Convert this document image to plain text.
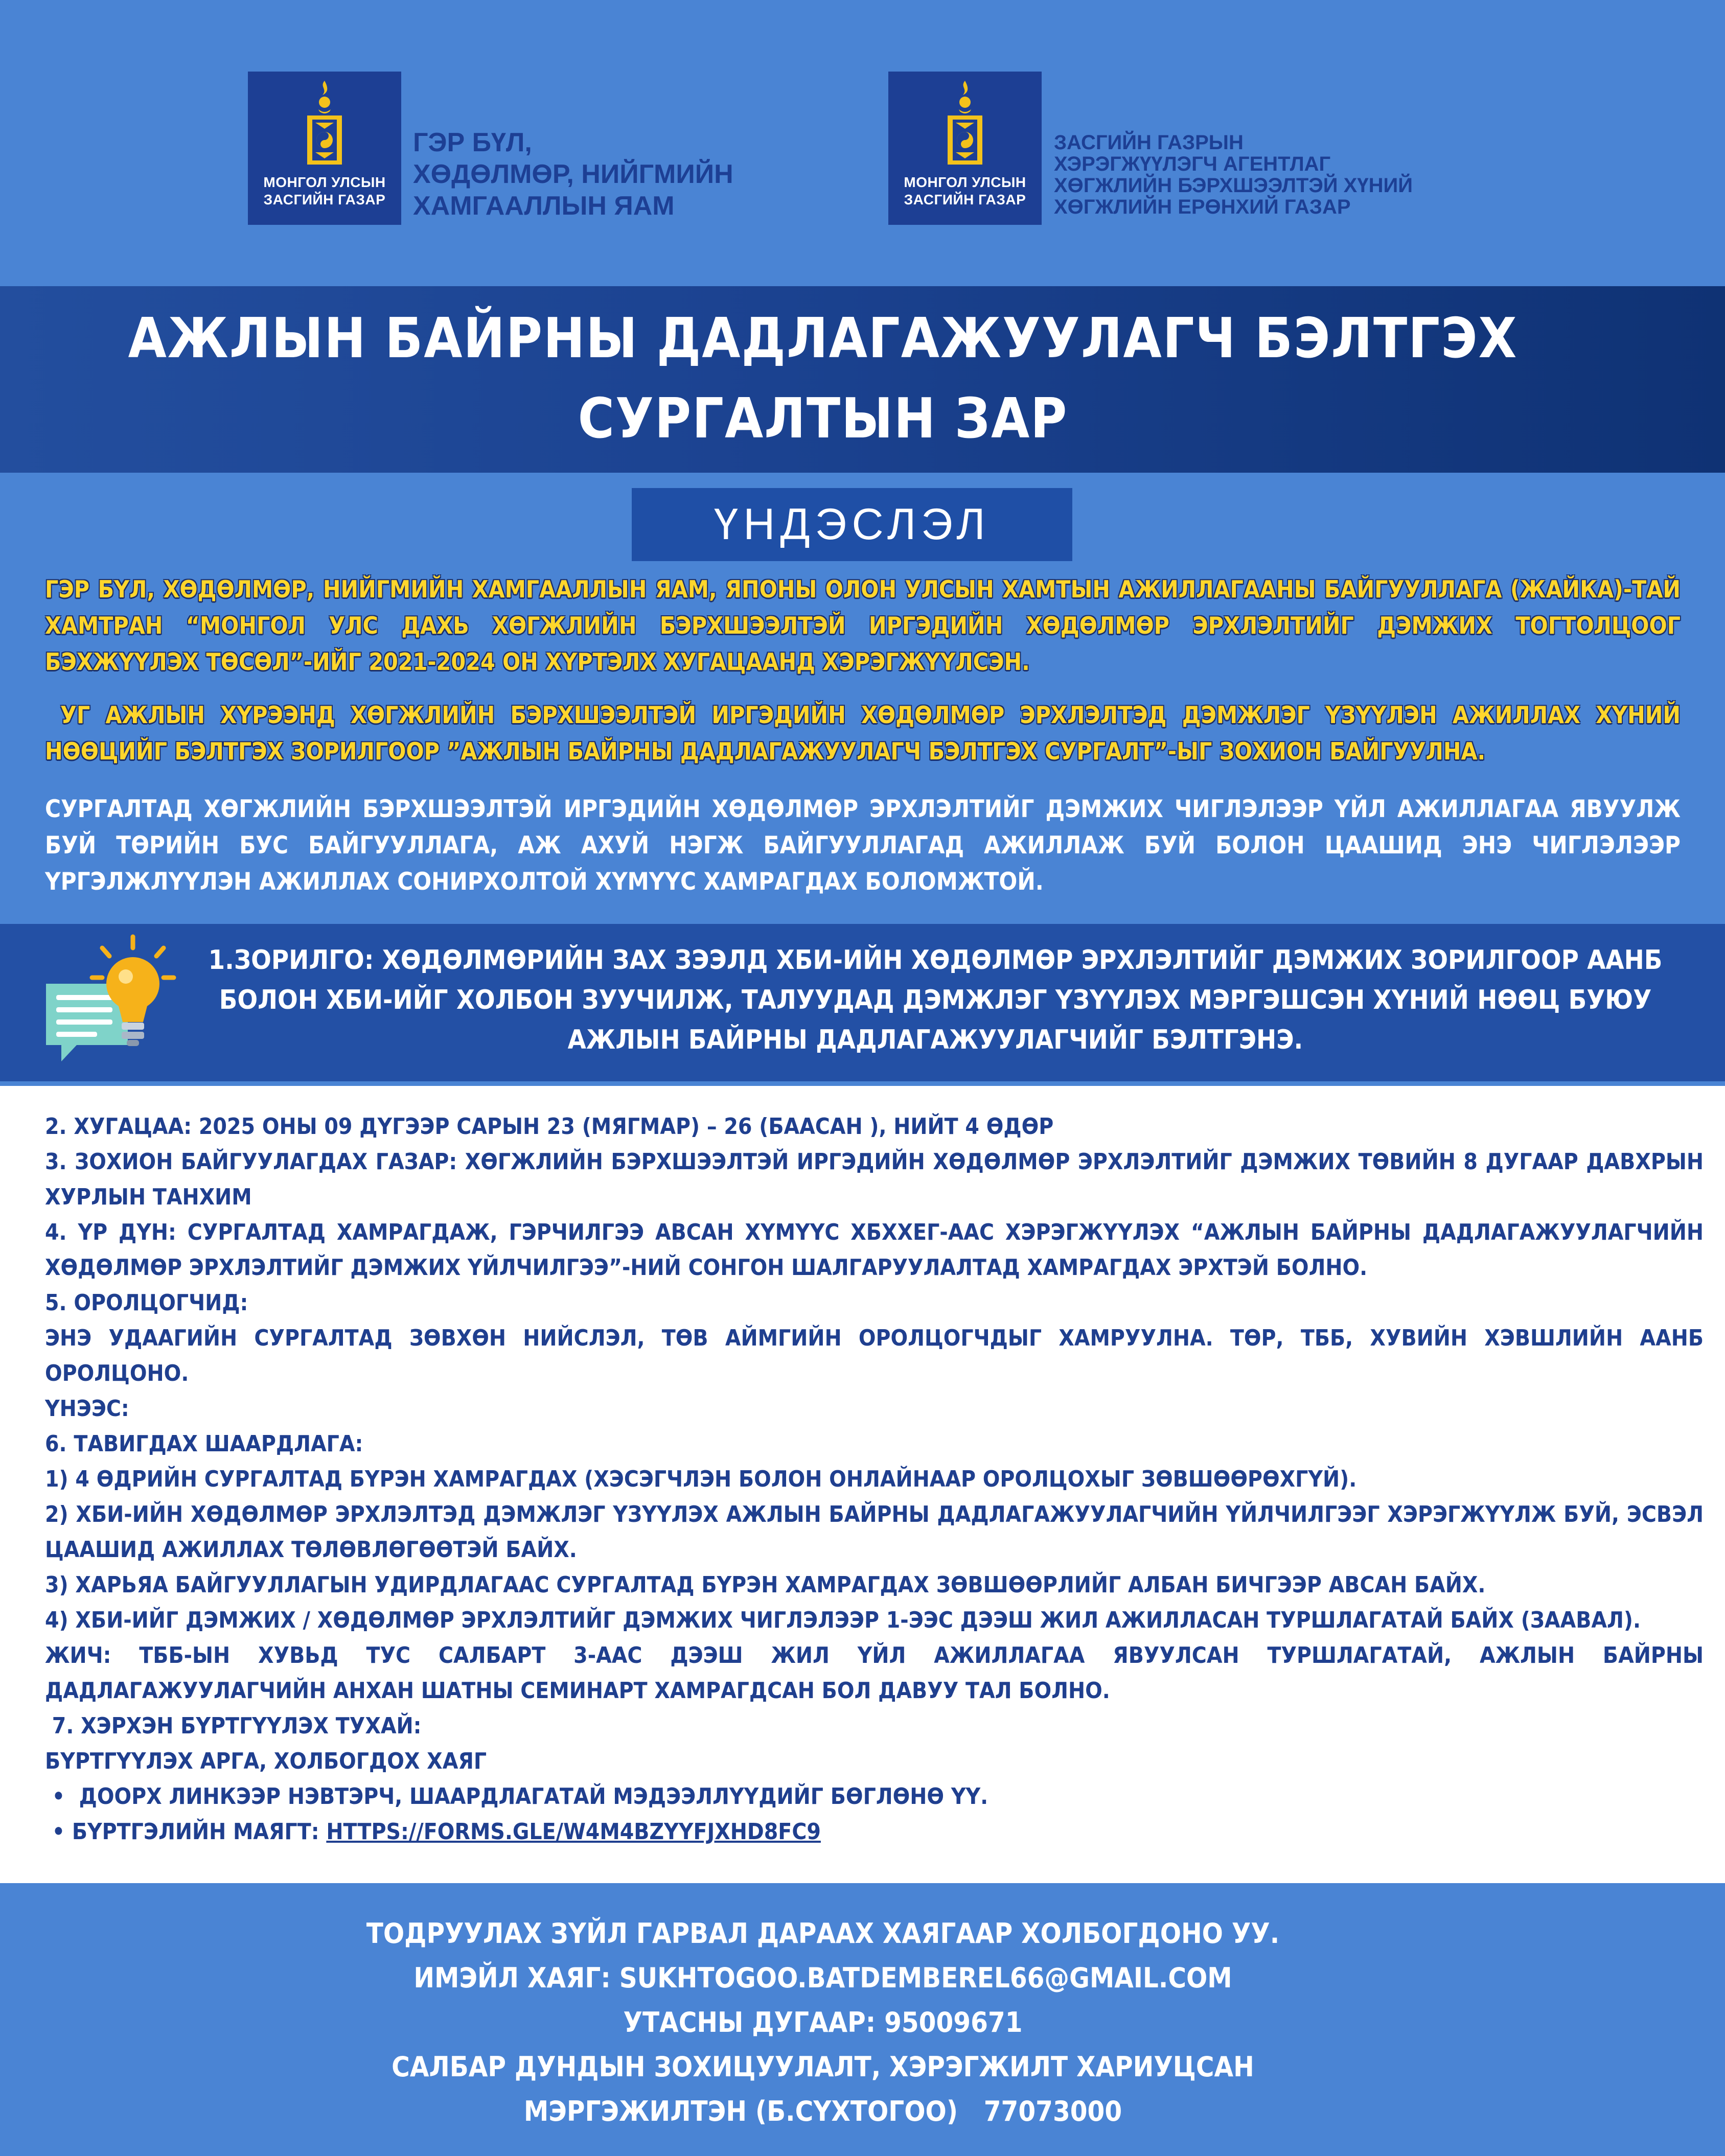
МОНГОЛ УЛСЫН
ЗАСГИЙН ГАЗАР
ГЭР БҮЛ,
ХӨДӨЛМӨР, НИЙГМИЙН
ХАМГААЛЛЫН ЯАМ
МОНГОЛ УЛСЫН
ЗАСГИЙН ГАЗАР
ЗАСГИЙН ГАЗРЫН
ХЭРЭГЖҮҮЛЭГЧ АГЕНТЛАГ
ХӨГЖЛИЙН БЭРХШЭЭЛТЭЙ ХҮНИЙ
ХӨГЖЛИЙН ЕРӨНХИЙ ГАЗАР
АЖЛЫН БАЙРНЫ ДАДЛАГАЖУУЛАГЧ БЭЛТГЭХ
СУРГАЛТЫН ЗАР
ҮНДЭСЛЭЛ
ГЭР БҮЛ, ХӨДӨЛМӨР, НИЙГМИЙН ХАМГААЛЛЫН ЯАМ, ЯПОНЫ ОЛОН УЛСЫН ХАМТЫН АЖИЛЛАГААНЫ БАЙГУУЛЛАГА (ЖАЙКА)-ТАЙ ХАМТРАН “МОНГОЛ УЛС ДАХЬ ХӨГЖЛИЙН БЭРХШЭЭЛТЭЙ ИРГЭДИЙН ХӨДӨЛМӨР ЭРХЛЭЛТИЙГ ДЭМЖИХ ТОГТОЛЦООГ БЭХЖҮҮЛЭХ ТӨСӨЛ”-ИЙГ 2021-2024 ОН ХҮРТЭЛХ ХУГАЦААНД ХЭРЭГЖҮҮЛСЭН.
УГ АЖЛЫН ХҮРЭЭНД ХӨГЖЛИЙН БЭРХШЭЭЛТЭЙ ИРГЭДИЙН ХӨДӨЛМӨР ЭРХЛЭЛТЭД ДЭМЖЛЭГ ҮЗҮҮЛЭН АЖИЛЛАХ ХҮНИЙ НӨӨЦИЙГ БЭЛТГЭХ ЗОРИЛГООР ”АЖЛЫН БАЙРНЫ ДАДЛАГАЖУУЛАГЧ БЭЛТГЭХ СУРГАЛТ”-ЫГ ЗОХИОН БАЙГУУЛНА.
СУРГАЛТАД ХӨГЖЛИЙН БЭРХШЭЭЛТЭЙ ИРГЭДИЙН ХӨДӨЛМӨР ЭРХЛЭЛТИЙГ ДЭМЖИХ ЧИГЛЭЛЭЭР ҮЙЛ АЖИЛЛАГАА ЯВУУЛЖ БУЙ ТӨРИЙН БУС БАЙГУУЛЛАГА, АЖ АХУЙ НЭГЖ БАЙГУУЛЛАГАД АЖИЛЛАЖ БУЙ БОЛОН ЦААШИД ЭНЭ ЧИГЛЭЛЭЭР ҮРГЭЛЖЛҮҮЛЭН АЖИЛЛАХ СОНИРХОЛТОЙ ХҮМҮҮС ХАМРАГДАХ БОЛОМЖТОЙ.
1.ЗОРИЛГО: ХӨДӨЛМӨРИЙН ЗАХ ЗЭЭЛД ХБИ-ИЙН ХӨДӨЛМӨР ЭРХЛЭЛТИЙГ ДЭМЖИХ ЗОРИЛГООР ААНБ БОЛОН ХБИ-ИЙГ ХОЛБОН ЗУУЧИЛЖ, ТАЛУУДАД ДЭМЖЛЭГ ҮЗҮҮЛЭХ МЭРГЭШСЭН ХҮНИЙ НӨӨЦ БУЮУ АЖЛЫН БАЙРНЫ ДАДЛАГАЖУУЛАГЧИЙГ БЭЛТГЭНЭ.

2. ХУГАЦАА: 2025 ОНЫ 09 ДҮГЭЭР САРЫН 23 (МЯГМАР) – 26 (БААСАН ), НИЙТ 4 ӨДӨР

3. ЗОХИОН БАЙГУУЛАГДАХ ГАЗАР: ХӨГЖЛИЙН БЭРХШЭЭЛТЭЙ ИРГЭДИЙН ХӨДӨЛМӨР ЭРХЛЭЛТИЙГ ДЭМЖИХ ТӨВИЙН 8 ДУГААР ДАВХРЫН ХУРЛЫН ТАНХИМ

4. ҮР ДҮН: СУРГАЛТАД ХАМРАГДАЖ, ГЭРЧИЛГЭЭ АВСАН ХҮМҮҮС ХБХХЕГ-ААС ХЭРЭГЖҮҮЛЭХ “АЖЛЫН БАЙРНЫ ДАДЛАГАЖУУЛАГЧИЙН ХӨДӨЛМӨР ЭРХЛЭЛТИЙГ ДЭМЖИХ ҮЙЛЧИЛГЭЭ”-НИЙ СОНГОН ШАЛГАРУУЛАЛТАД ХАМРАГДАХ ЭРХТЭЙ БОЛНО.

5. ОРОЛЦОГЧИД:

ЭНЭ УДААГИЙН СУРГАЛТАД ЗӨВХӨН НИЙСЛЭЛ, ТӨВ АЙМГИЙН ОРОЛЦОГЧДЫГ ХАМРУУЛНА. ТӨР, ТББ, ХУВИЙН ХЭВШЛИЙН ААНБ ОРОЛЦОНО.

ҮНЭЭС:

6. ТАВИГДАХ ШААРДЛАГА:

1) 4 ӨДРИЙН СУРГАЛТАД БҮРЭН ХАМРАГДАХ (ХЭСЭГЧЛЭН БОЛОН ОНЛАЙНААР ОРОЛЦОХЫГ ЗӨВШӨӨРӨХГҮЙ).

2) ХБИ-ИЙН ХӨДӨЛМӨР ЭРХЛЭЛТЭД ДЭМЖЛЭГ ҮЗҮҮЛЭХ АЖЛЫН БАЙРНЫ ДАДЛАГАЖУУЛАГЧИЙН ҮЙЛЧИЛГЭЭГ ХЭРЭГЖҮҮЛЖ БУЙ, ЭСВЭЛ ЦААШИД АЖИЛЛАХ ТӨЛӨВЛӨГӨӨТЭЙ БАЙХ.

3) ХАРЬЯА БАЙГУУЛЛАГЫН УДИРДЛАГААС СУРГАЛТАД БҮРЭН ХАМРАГДАХ ЗӨВШӨӨРЛИЙГ АЛБАН БИЧГЭЭР АВСАН БАЙХ.

4) ХБИ-ИЙГ ДЭМЖИХ / ХӨДӨЛМӨР ЭРХЛЭЛТИЙГ ДЭМЖИХ ЧИГЛЭЛЭЭР 1-ЭЭС ДЭЭШ ЖИЛ АЖИЛЛАСАН ТУРШЛАГАТАЙ БАЙХ (ЗААВАЛ).

ЖИЧ: ТББ-ЫН ХУВЬД ТУС САЛБАРТ 3-ААС ДЭЭШ ЖИЛ ҮЙЛ АЖИЛЛАГАА ЯВУУЛСАН ТУРШЛАГАТАЙ, АЖЛЫН БАЙРНЫ ДАДЛАГАЖУУЛАГЧИЙН АНХАН ШАТНЫ СЕМИНАРТ ХАМРАГДСАН БОЛ ДАВУУ ТАЛ БОЛНО.

7. ХЭРХЭН БҮРТГҮҮЛЭХ ТУХАЙ:

БҮРТГҮҮЛЭХ АРГА, ХОЛБОГДОХ ХАЯГ

•  ДООРХ ЛИНКЭЭР НЭВТЭРЧ, ШААРДЛАГАТАЙ МЭДЭЭЛЛҮҮДИЙГ БӨГЛӨНӨ ҮҮ.

• БҮРТГЭЛИЙН МАЯГТ: HTTPS://FORMS.GLE/W4M4BZYYFJXHD8FC9

ТОДРУУЛАХ ЗҮЙЛ ГАРВАЛ ДАРААХ ХАЯГААР ХОЛБОГДОНО УУ.
ИМЭЙЛ ХАЯГ: SUKHTOGOO.BATDEMBEREL66@GMAIL.COM
УТАСНЫ ДУГААР: 95009671
САЛБАР ДУНДЫН ЗОХИЦУУЛАЛТ, ХЭРЭГЖИЛТ ХАРИУЦСАН
МЭРГЭЖИЛТЭН (Б.СҮХТОГОО)   77073000
